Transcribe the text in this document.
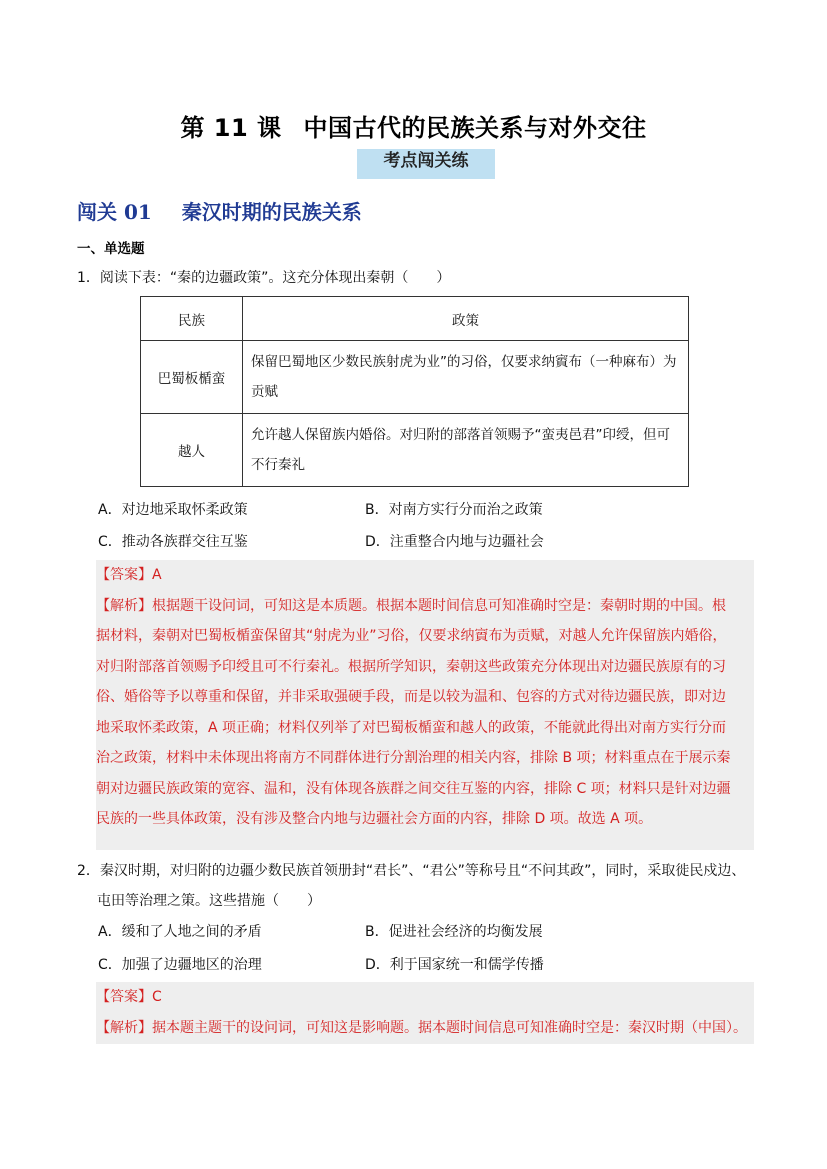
第 11 课 中国古代的民族关系与对外交往
考点闯关练
闯关 01 秦汉时期的民族关系
一、单选题
1．阅读下表：“秦的边疆政策”。这充分体现出秦朝（　　）
民族	政策
巴蜀板楯蛮	保留巴蜀地区少数民族射虎为业”的习俗，仅要求纳賨布（一种麻布）为贡赋
越人	允许越人保留族内婚俗。对归附的部落首领赐予“蛮夷邑君”印绶，但可不行秦礼
A．对边地采取怀柔政策	B．对南方实行分而治之政策
C．推动各族群交往互鉴	D．注重整合内地与边疆社会
【答案】A
【解析】根据题干设问词，可知这是本质题。根据本题时间信息可知准确时空是：秦朝时期的中国。根
据材料，秦朝对巴蜀板楯蛮保留其“射虎为业”习俗，仅要求纳賨布为贡赋，对越人允许保留族内婚俗，
对归附部落首领赐予印绶且可不行秦礼。根据所学知识，秦朝这些政策充分体现出对边疆民族原有的习
俗、婚俗等予以尊重和保留，并非采取强硬手段，而是以较为温和、包容的方式对待边疆民族，即对边
地采取怀柔政策，A 项正确；材料仅列举了对巴蜀板楯蛮和越人的政策，不能就此得出对南方实行分而
治之政策，材料中未体现出将南方不同群体进行分割治理的相关内容，排除 B 项；材料重点在于展示秦
朝对边疆民族政策的宽容、温和，没有体现各族群之间交往互鉴的内容，排除 C 项；材料只是针对边疆
民族的一些具体政策，没有涉及整合内地与边疆社会方面的内容，排除 D 项。故选 A 项。
2．秦汉时期，对归附的边疆少数民族首领册封“君长”、“君公”等称号且“不问其政”，同时，采取徙民戍边、
屯田等治理之策。这些措施（　　）
A．缓和了人地之间的矛盾	B．促进社会经济的均衡发展
C．加强了边疆地区的治理	D．利于国家统一和儒学传播
【答案】C
【解析】据本题主题干的设问词，可知这是影响题。据本题时间信息可知准确时空是：秦汉时期（中国）。
